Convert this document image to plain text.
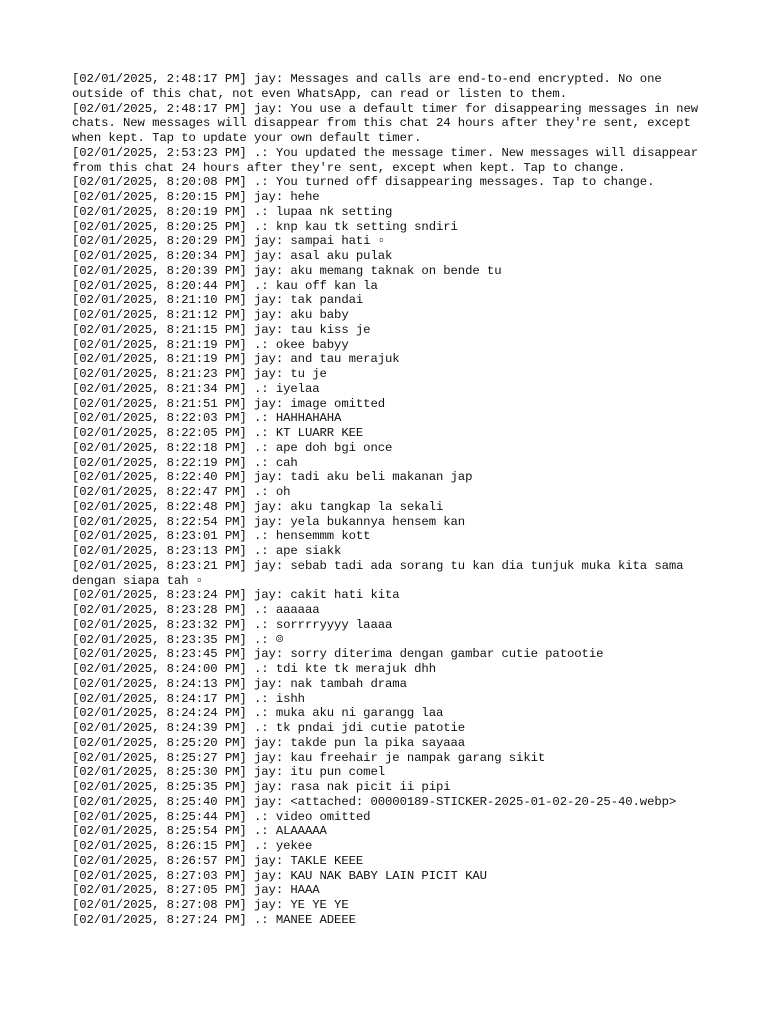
[02/01/2025, 2:48:17 PM] jay: Messages and calls are end-to-end encrypted. No one outside of this chat, not even WhatsApp, can read or listen to them.
[02/01/2025, 2:48:17 PM] jay: You use a default timer for disappearing messages in new chats. New messages will disappear from this chat 24 hours after they're sent, except when kept. Tap to update your own default timer.
[02/01/2025, 2:53:23 PM] .: You updated the message timer. New messages will disappear from this chat 24 hours after they're sent, except when kept. Tap to change.
[02/01/2025, 8:20:08 PM] .: You turned off disappearing messages. Tap to change.
[02/01/2025, 8:20:15 PM] jay: hehe
[02/01/2025, 8:20:19 PM] .: lupaa nk setting
[02/01/2025, 8:20:25 PM] .: knp kau tk setting sndiri
[02/01/2025, 8:20:29 PM] jay: sampai hati ▫
[02/01/2025, 8:20:34 PM] jay: asal aku pulak
[02/01/2025, 8:20:39 PM] jay: aku memang taknak on bende tu
[02/01/2025, 8:20:44 PM] .: kau off kan la
[02/01/2025, 8:21:10 PM] jay: tak pandai
[02/01/2025, 8:21:12 PM] jay: aku baby
[02/01/2025, 8:21:15 PM] jay: tau kiss je
[02/01/2025, 8:21:19 PM] .: okee babyy
[02/01/2025, 8:21:19 PM] jay: and tau merajuk
[02/01/2025, 8:21:23 PM] jay: tu je
[02/01/2025, 8:21:34 PM] .: iyelaa
[02/01/2025, 8:21:51 PM] jay: image omitted
[02/01/2025, 8:22:03 PM] .: HAHHAHAHA
[02/01/2025, 8:22:05 PM] .: KT LUARR KEE
[02/01/2025, 8:22:18 PM] .: ape doh bgi once
[02/01/2025, 8:22:19 PM] .: cah
[02/01/2025, 8:22:40 PM] jay: tadi aku beli makanan jap
[02/01/2025, 8:22:47 PM] .: oh
[02/01/2025, 8:22:48 PM] jay: aku tangkap la sekali
[02/01/2025, 8:22:54 PM] jay: yela bukannya hensem kan
[02/01/2025, 8:23:01 PM] .: hensemmm kott
[02/01/2025, 8:23:13 PM] .: ape siakk
[02/01/2025, 8:23:21 PM] jay: sebab tadi ada sorang tu kan dia tunjuk muka kita sama dengan siapa tah ▫
[02/01/2025, 8:23:24 PM] jay: cakit hati kita
[02/01/2025, 8:23:28 PM] .: aaaaaa
[02/01/2025, 8:23:32 PM] .: sorrrryyyy laaaa
[02/01/2025, 8:23:35 PM] .: ☹
[02/01/2025, 8:23:45 PM] jay: sorry diterima dengan gambar cutie patootie
[02/01/2025, 8:24:00 PM] .: tdi kte tk merajuk dhh
[02/01/2025, 8:24:13 PM] jay: nak tambah drama
[02/01/2025, 8:24:17 PM] .: ishh
[02/01/2025, 8:24:24 PM] .: muka aku ni garangg laa
[02/01/2025, 8:24:39 PM] .: tk pndai jdi cutie patotie
[02/01/2025, 8:25:20 PM] jay: takde pun la pika sayaaa
[02/01/2025, 8:25:27 PM] jay: kau freehair je nampak garang sikit
[02/01/2025, 8:25:30 PM] jay: itu pun comel
[02/01/2025, 8:25:35 PM] jay: rasa nak picit ii pipi
[02/01/2025, 8:25:40 PM] jay: <attached: 00000189-STICKER-2025-01-02-20-25-40.webp>
[02/01/2025, 8:25:44 PM] .: video omitted
[02/01/2025, 8:25:54 PM] .: ALAAAAA
[02/01/2025, 8:26:15 PM] .: yekee
[02/01/2025, 8:26:57 PM] jay: TAKLE KEEE
[02/01/2025, 8:27:03 PM] jay: KAU NAK BABY LAIN PICIT KAU
[02/01/2025, 8:27:05 PM] jay: HAAA
[02/01/2025, 8:27:08 PM] jay: YE YE YE
[02/01/2025, 8:27:24 PM] .: MANEE ADEEE
